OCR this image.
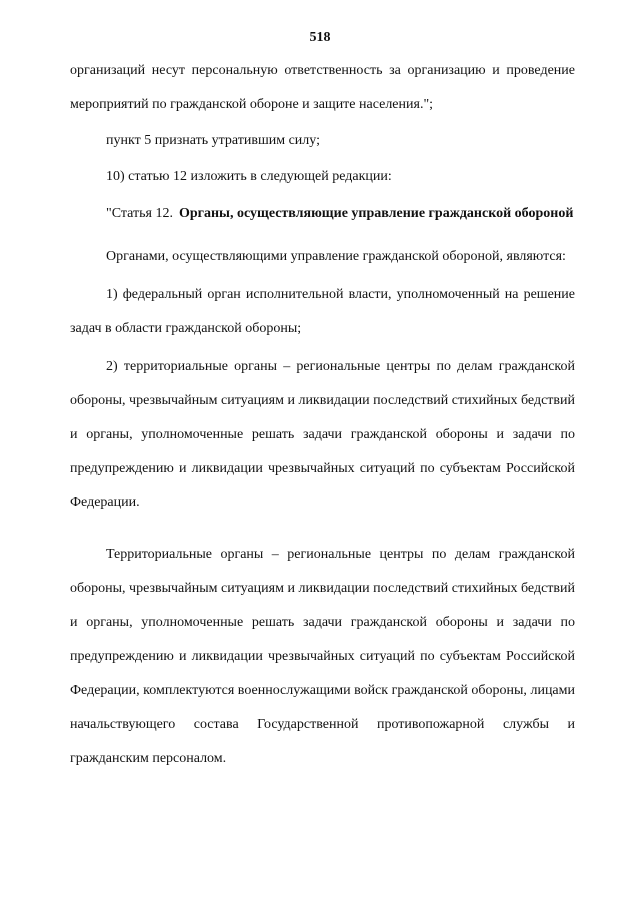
518

организаций несут персональную ответственность за организацию и проведение мероприятий по гражданской обороне и защите населения.";

пункт 5 признать утратившим силу;

10) статью 12 изложить в следующей редакции:

"Статья 12. Органы, осуществляющие управление гражданской обороной

Органами, осуществляющими управление гражданской обороной, являются:

1) федеральный орган исполнительной власти, уполномоченный на решение задач в области гражданской обороны;

2) территориальные органы – региональные центры по делам гражданской обороны, чрезвычайным ситуациям и ликвидации последствий стихийных бедствий и органы, уполномоченные решать задачи гражданской обороны и задачи по предупреждению и ликвидации чрезвычайных ситуаций по субъектам Российской Федерации.

Территориальные органы – региональные центры по делам гражданской обороны, чрезвычайным ситуациям и ликвидации последствий стихийных бедствий и органы, уполномоченные решать задачи гражданской обороны и задачи по предупреждению и ликвидации чрезвычайных ситуаций по субъектам Российской Федерации, комплектуются военнослужащими войск гражданской обороны, лицами начальствующего состава Государственной противопожарной службы и гражданским персоналом.
